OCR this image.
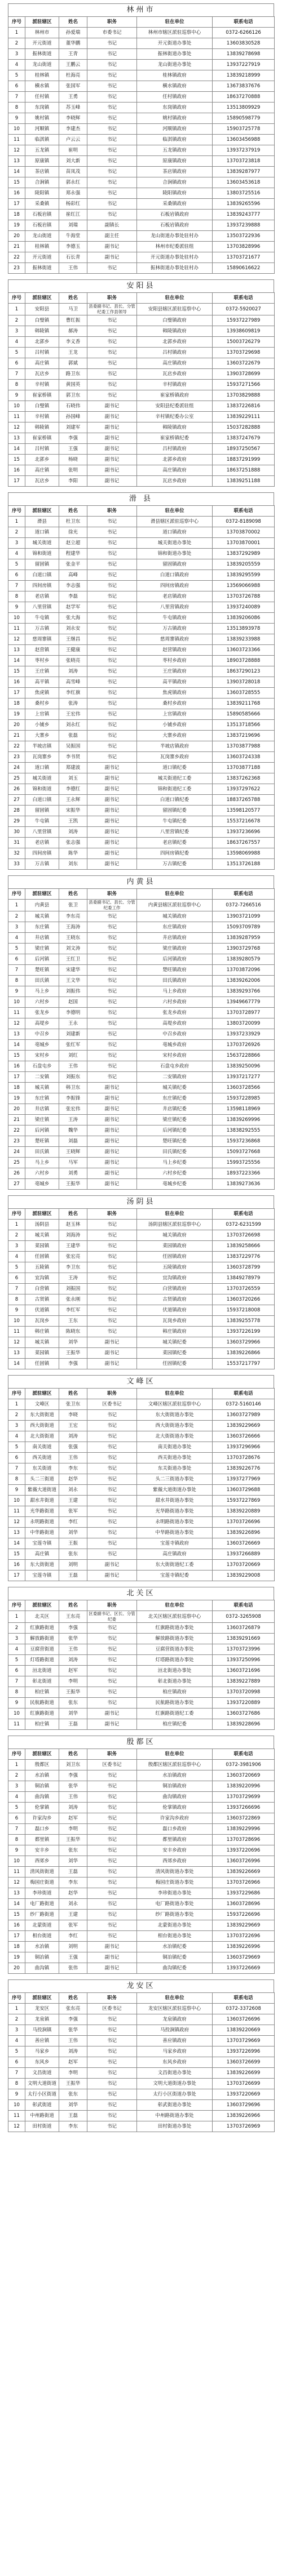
林州市
序号	派驻辖区	姓名	职务	驻在单位	联系电话
1	林州市	孙爱瑞	市委书记	林州市辖区派驻巡察中心	0372-6266126
2	开元街道	董华鹏	书记	开元街道办事处	13603830528
3	振林街道	王青	书记	振林街道办事处	13839278698
4	龙山街道	王鹏云	书记	龙山街道办事处	13937227919
5	桂林镇	杜海亮	书记	桂林镇政府	13839218999
6	横水镇	张国军	书记	横水镇政府	13673837676
7	任村镇	王勇	书记	任村镇政府	18637270888
8	东岗镇	苏玉峰	书记	东岗镇政府	13513809929
9	姚村镇	李晓辉	书记	姚村镇政府	15890598779
10	河顺镇	李建杰	书记	河顺镇政府	15903725778
11	临淇镇	卢云云	书记	临淇镇政府	13603456988
12	五龙镇	崔明	书记	五龙镇政府	13937237919
13	原康镇	刘大新	书记	原康镇政府	13703723818
14	茶店镇	苗凤茂	书记	茶店镇政府	13839287977
15	合涧镇	郭永红	书记	合涧镇政府	13603453618
16	陵阳镇	郑永强	书记	陵阳镇政府	13803725516
17	采桑镇	杨彩红	书记	采桑镇政府	13839265596
18	石板岩镇	崔红江	书记	石板岩镇政府	13839243777
19	石板岩镇	刘瑞	副镇长	石板岩镇政府	13937239888
20	龙山街道	牛海堂	副主任	龙山街道办事处驻村办	13503722936
21	桂林镇	李德玉	副书记	林州市纪委派驻组	13703828996
22	开元街道	石长青	副书记	开元街道办事处驻村办	13703721677
23	振林街道	王伟	书记	振林街道办事处驻村办	15890616622
安阳县
序号	派驻辖区	姓名	职务	驻在单位	联系电话
1	安阳县	马卫	县委副书记、县长、分管纪委工作县领导	安阳县辖区派驻巡察中心	0372-5920027
2	白璧镇	曹红振	书记	白璧镇政府	15937227989
3	韩陵镇	郝涛	书记	韩陵镇政府	13938609819
4	北郭乡	李义香	书记	北郭乡政府	15003726279
5	吕村镇	王龙	书记	吕村镇政府	13703729698
6	高庄镇	郭斌	书记	高庄镇政府	13603722679
7	瓦店乡	路卫东	书记	瓦店乡政府	13903728699
8	辛村镇	黄国英	书记	辛村镇政府	15937271566
9	崔家桥镇	郭卫东	书记	崔家桥镇政府	13703829888
10	白璧镇	石晓伟	副书记	安阳县纪委派驻组	13837226816
11	辛村镇	孙国峰	副书记	辛村镇纪委办公室	13839229111
12	韩陵镇	刘建军	副书记	韩陵镇政府	15037282888
13	崔家桥镇	李强	副书记	崔家桥镇纪委	13837247679
14	吕村镇	王强	副书记	吕村镇政府	18937250567
15	北郭乡	杨晓	副书记	北郭乡政府	18837291999
16	高庄镇	张明	副书记	高庄镇政府	18637251888
17	瓦店乡	李阳	副书记	瓦店乡政府	13839251188
滑 县
序号	派驻辖区	姓名	职务	驻在单位	联系电话
1	滑县	杜卫东	书记	滑县辖区派驻巡察中心	0372-8189098
2	道口镇	徐光	书记	道口镇政府	13703870002
3	城关街道	赵立超	书记	城关街道办事处	13703870001
4	锦和街道	程建华	书记	锦和街道办事处	13837292989
5	留固镇	张金平	书记	留固镇政府	13839205559
6	白道口镇	高峰	书记	白道口镇政府	13839295599
7	四间房镇	李志强	书记	四间房镇政府	13569066988
8	老店镇	李磊	书记	老店镇政府	13703726788
9	八里营镇	赵学军	书记	八里营镇政府	13937240089
10	牛屯镇	张大海	书记	牛屯镇政府	13839206086
11	万古镇	刘永安	书记	万古镇政府	13513893978
12	慈周寨镇	王继昌	书记	慈周寨镇政府	13839233988
13	赵营镇	王健康	书记	赵营镇政府	13603723366
14	枣村乡	张晓亮	书记	枣村乡政府	18903728888
15	王庄镇	刘涛	书记	王庄镇政府	18637290123
16	高平镇	高雪峰	书记	高平镇政府	13903728018
17	焦虎镇	李红旗	书记	焦虎镇政府	13603728555
18	桑村乡	张涛	书记	桑村乡政府	13839211768
19	上官镇	王宏伟	书记	上官镇政府	15890585666
20	小铺乡	刘永红	书记	小铺乡政府	13513718566
21	大寨乡	张磊	书记	大寨乡政府	13837219696
22	半坡店镇	吴振国	书记	半坡店镇政府	13703877988
23	瓦岗寨乡	李书贤	书记	瓦岗寨乡政府	13603724338
24	道口镇	郑建波	副书记	道口镇纪委	13703877188
25	城关街道	刘玉	副书记	城关街道纪工委	13837262368
26	锦和街道	李德红	副书记	锦和街道纪工委	13937297622
27	白道口镇	王永辉	副书记	白道口镇纪委	18837265788
28	留固镇	宋振华	副书记	留固镇纪委	13598120577
29	牛屯镇	王凯	副书记	牛屯镇纪委	15537216678
30	八里营镇	刘涛	副书记	八里营镇纪委	13937236696
31	老店镇	张志强	副书记	老店镇纪委	18637267557
32	四间房镇	陈华	副书记	四间房镇纪委	13598069988
33	万古镇	刘东	副书记	万古镇纪委	13513726188
内黄县
序号	派驻辖区	姓名	职务	驻在单位	联系电话
1	内黄县	张卫	县委副书记、县长、分管纪委工作	内黄县辖区派驻巡察中心	0372-7266516
2	城关镇	李东亮	书记	城关镇政府	13903721099
3	东庄镇	王海涛	书记	东庄镇政府	15093709789
4	井店镇	王晓东	书记	井店镇政府	13839287959
5	梁庄镇	刘文涛	书记	梁庄镇政府	13903729768
6	后河镇	王红卫	书记	后河镇政府	13839280579
7	楚旺镇	宋建华	书记	楚旺镇政府	13703872096
8	田氏镇	王文华	书记	田氏镇政府	13839262006
9	马上乡	刘振伟	书记	马上乡政府	13839293766
10	六村乡	赵国	书记	六村乡政府	13949667779
11	张龙乡	李德明	书记	张龙乡政府	13703728977
12	高堤乡	王永	书记	高堤乡政府	13803720099
13	中召乡	刘建新	书记	中召乡政府	13937233929
14	亳城乡	张红军	书记	亳城乡政府	13703726926
15	宋村乡	刘红	书记	宋村乡政府	15637228866
16	石盘屯乡	王伟	书记	石盘屯乡政府	13839250096
17	二安镇	刘振东	书记	二安镇政府	13937217277
18	城关镇	韩卫东	副书记	城关镇纪委	13603728566
19	东庄镇	李振锋	副书记	东庄镇纪委	15937228985
20	井店镇	张宏伟	副书记	井店镇纪委	13598118969
21	梁庄镇	王涛	副书记	梁庄镇纪委	13839269996
22	后河镇	魏华	副书记	后河镇纪委	13838292555
23	楚旺镇	刘磊	副书记	楚旺镇纪委	15937236868
24	田氏镇	王晓辉	副书记	田氏镇纪委	15093727668
25	马上乡	马军	副书记	马上乡纪委	15993725556
26	六村乡	刘勇	副书记	六村乡纪委	18937223366
27	亳城乡	王振华	副书记	亳城乡纪委	13839273636
汤阴县
序号	派驻辖区	姓名	职务	驻在单位	联系电话
1	汤阴县	赵玉林	书记	汤阴县辖区派驻巡察中心	0372-6231599
2	城关镇	刘海涛	书记	城关镇政府	13703726698
3	菜园镇	王建华	书记	菜园镇政府	13839258666
4	任固镇	张宏亮	书记	任固镇政府	13837229776
5	五陵镇	李卫东	书记	五陵镇政府	13603728799
6	宜沟镇	王涛	书记	宜沟镇政府	13849278979
7	白营镇	刘振国	书记	白营镇政府	13703726559
8	古贤镇	张永刚	书记	古贤镇政府	13603720266
9	伏道镇	李红军	书记	伏道镇政府	15937218008
10	瓦岗乡	王东	书记	瓦岗乡政府	13839255778
11	韩庄镇	陈晓东	书记	韩庄镇政府	13937226199
12	城关镇	刘华	副书记	城关镇纪委	13603729966
13	菜园镇	王振华	副书记	菜园镇纪委	13839226866
14	任固镇	李强	副书记	任固镇纪委	15537217797
文峰区
序号	派驻辖区	姓名	职务	驻在单位	联系电话
1	文峰区	张卫东	区委书记	文峰区辖区派驻巡察中心	0372-5160146
2	东大街街道	李晓	书记	东大街街道办事处	13603727989
3	西大街街道	王宏	书记	西大街街道办事处	13839229669
4	北大街街道	刘涛	书记	北大街街道办事处	13603726666
5	南关街道	张强	书记	南关街道办事处	13937296966
6	西关街道	王伟	书记	西关街道办事处	13703728676
7	东关街道	李东	书记	东关街道办事处	13839226776
8	头二三街道	赵华	书记	头二三街道办事处	13937277969
9	紫薇大道街道	刘永	书记	紫薇大道街道办事处	13603729688
10	甜水井街道	王建	书记	甜水井街道办事处	15937227869
11	光华路街道	张军	书记	光华路街道办事处	13839220889
12	永明路街道	李红	书记	永明路街道办事处	13703726696
13	中华路街道	刘华	书记	中华路街道办事处	13839226896
14	宝莲寺镇	王振	书记	宝莲寺镇政府	13603726669
15	高庄镇	张东	书记	高庄镇政府	13937266889
16	东大街街道	刘明	副书记	东大街街道纪工委	13703720669
17	宝莲寺镇	王磊	副书记	宝莲寺镇纪委	13839229008
北关区
序号	派驻辖区	姓名	职务	驻在单位	联系电话
1	北关区	王东亮	区委副书记、区长、分管纪委	北关区辖区派驻巡察中心	0372-3265908
2	红旗路街道	李强	书记	红旗路街道办事处	13603726879
3	解放路街道	张华	书记	解放路街道办事处	13839291669
4	豆腐营街道	王伟	书记	豆腐营街道办事处	13703723996
5	灯塔路街道	刘涛	书记	灯塔路街道办事处	13937250996
6	洹北街道	赵军	书记	洹北街道办事处	13603721696
7	彰北街道	李明	书记	彰北街道办事处	13839227889
8	柏庄镇	王振华	书记	柏庄镇政府	13703720998
9	民航路街道	张东	书记	民航路街道办事处	13937220889
10	红旗路街道	刘华	副书记	红旗路街道纪工委	13603727686
11	柏庄镇	王磊	副书记	柏庄镇纪委	13839228696
殷都区
序号	派驻辖区	姓名	职务	驻在单位	联系电话
1	殷都区	刘卫东	区委书记	殷都区辖区派驻巡察中心	0372-3981906
2	水冶镇	李强	书记	水冶镇政府	13603720669
3	铜冶镇	张华	书记	铜冶镇政府	13839220996
4	曲沟镇	王伟	书记	曲沟镇政府	13703729699
5	伦掌镇	刘涛	书记	伦掌镇政府	13937266696
6	许家沟乡	赵军	书记	许家沟乡政府	13603722869
7	磊口乡	李明	书记	磊口乡政府	13839229996
8	都里镇	王振华	书记	都里镇政府	13703728696
9	安丰乡	张东	书记	安丰乡政府	13937220696
10	西郊乡	刘华	书记	西郊乡政府	13603726996
11	清风街街道	王磊	书记	清风街街道办事处	13839226669
12	梅园庄街道	李东	书记	梅园庄街道办事处	13703726966
13	李珍街道	赵华	书记	李珍街道办事处	13937229686
14	电厂路街道	刘永	书记	电厂路街道办事处	13603728696
15	纱厂路街道	王建	书记	纱厂路街道办事处	15937226696
16	北蒙街道	张军	书记	北蒙街道办事处	13839229669
17	相台街道	李红	书记	相台街道办事处	13703722696
18	水冶镇	刘明	副书记	水冶镇纪委	13839226996
19	铜冶镇	王强	副书记	铜冶镇纪委	13603729669
20	曲沟镇	张伟	副书记	曲沟镇纪委	13937226669
龙安区
序号	派驻辖区	姓名	职务	驻在单位	联系电话
1	龙安区	张东亮	区委书记	龙安区辖区派驻巡察中心	0372-3372608
2	龙泉镇	李强	书记	龙泉镇政府	13603726696
3	马投涧镇	张华	书记	马投涧镇政府	13839220669
4	善应镇	王伟	书记	善应镇政府	13703729669
5	马家乡	刘涛	书记	马家乡政府	13937226996
6	东风乡	赵军	书记	东风乡政府	13603726699
7	文昌街道	李明	书记	文昌街道办事处	13839226699
8	文明大道街道	王振华	书记	文明大道街道办事处	13703726699
9	太行小区街道	张东	书记	太行小区街道办事处	13937220669
10	彰武街道	刘华	书记	彰武街道办事处	13603729696
11	中州路街道	王磊	书记	中州路街道办事处	13839226966
12	田村街道	李东	书记	田村街道办事处	13703726969
